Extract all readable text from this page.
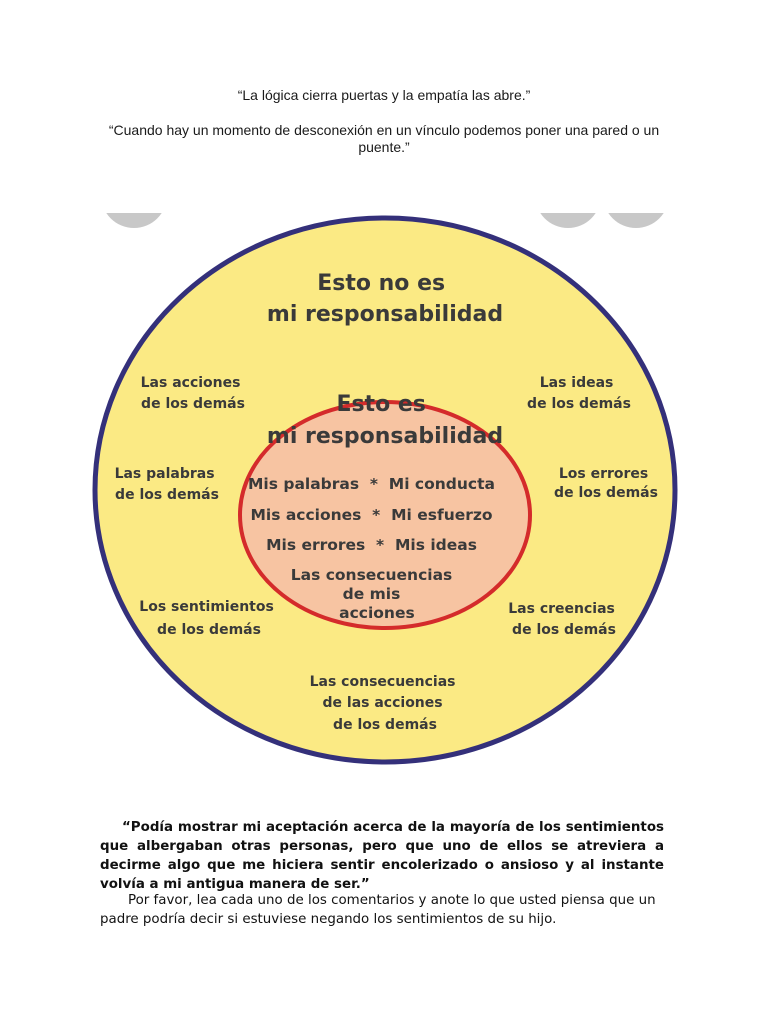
“La lógica cierra puertas y la empatía las abre.”
“Cuando hay un momento de desconexión en un vínculo podemos poner una pared o un puente.”
Esto no es mi responsabilidad
Las acciones de los demás
Las ideas de los demás
Las palabras de los demás
Los errores de los demás
Los sentimientos de los demás
Las creencias de los demás
Las consecuencias de las acciones de los demás
Esto es mi responsabilidad
Mis palabras  *  Mi conducta Mis acciones  *  Mi esfuerzo Mis errores  *  Mis ideas Las consecuencias de mis acciones

“Podía mostrar mi aceptación acerca de la mayoría de los sentimientos que albergaban otras personas, pero que uno de ellos se atreviera a decirme algo que me hiciera sentir encolerizado o ansioso y al instante volvía a mi antigua manera de ser.”

Por favor, lea cada uno de los comentarios y anote lo que usted piensa que un padre podría decir si estuviese negando los sentimientos de su hijo.
